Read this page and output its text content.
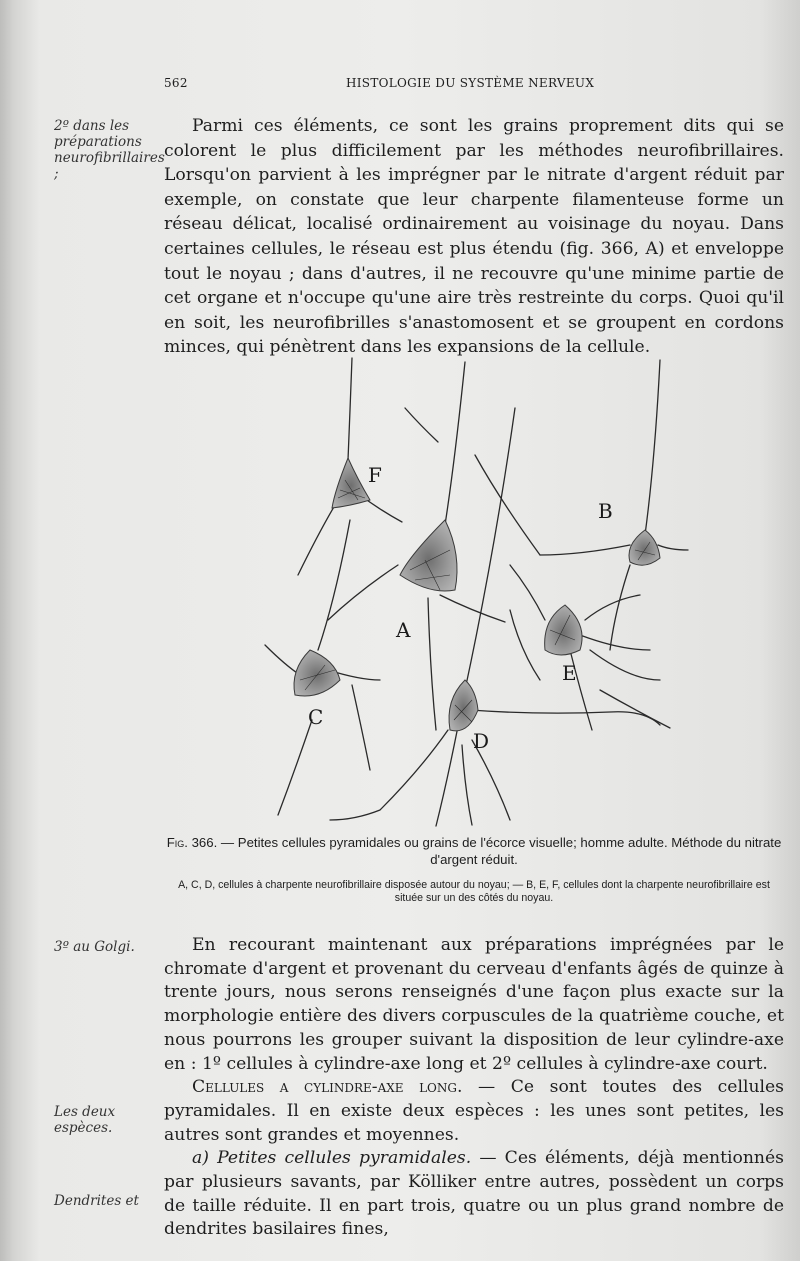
562	HISTOLOGIE DU SYSTÈME NERVEUX
2º dans les préparations neurofibrillaires ;
3º au Golgi.
Les deux espèces.
Dendrites et

Parmi ces éléments, ce sont les grains proprement dits qui se colorent le plus difficilement par les méthodes neurofibrillaires. Lorsqu'on parvient à les imprégner par le nitrate d'argent réduit par exemple, on constate que leur charpente filamenteuse forme un réseau délicat, localisé ordinairement au voisinage du noyau. Dans certaines cellules, le réseau est plus étendu (fig. 366, A) et enveloppe tout le noyau ; dans d'autres, il ne recouvre qu'une minime partie de cet organe et n'occupe qu'une aire très restreinte du corps. Quoi qu'il en soit, les neurofibrilles s'anastomosent et se groupent en cordons minces, qui pénètrent dans les expansions de la cellule.

F
B
A
E
C
D
Fig. 366. — Petites cellules pyramidales ou grains de l'écorce visuelle; homme adulte. Méthode du nitrate d'argent réduit.
A, C, D, cellules à charpente neurofibrillaire disposée autour du noyau; — B, E, F, cellules dont la charpente neurofibrillaire est située sur un des côtés du noyau.

En recourant maintenant aux préparations imprégnées par le chromate d'argent et provenant du cerveau d'enfants âgés de quinze à trente jours, nous serons renseignés d'une façon plus exacte sur la morphologie entière des divers corpuscules de la quatrième couche, et nous pourrons les grouper suivant la disposition de leur cylindre-axe en : 1º cellules à cylindre-axe long et 2º cellules à cylindre-axe court.

Cellules a cylindre-axe long. — Ce sont toutes des cellules pyramidales. Il en existe deux espèces : les unes sont petites, les autres sont grandes et moyennes.

a) Petites cellules pyramidales. — Ces éléments, déjà mentionnés par plusieurs savants, par Kölliker entre autres, possèdent un corps de taille réduite. Il en part trois, quatre ou un plus grand nombre de dendrites basilaires fines,
